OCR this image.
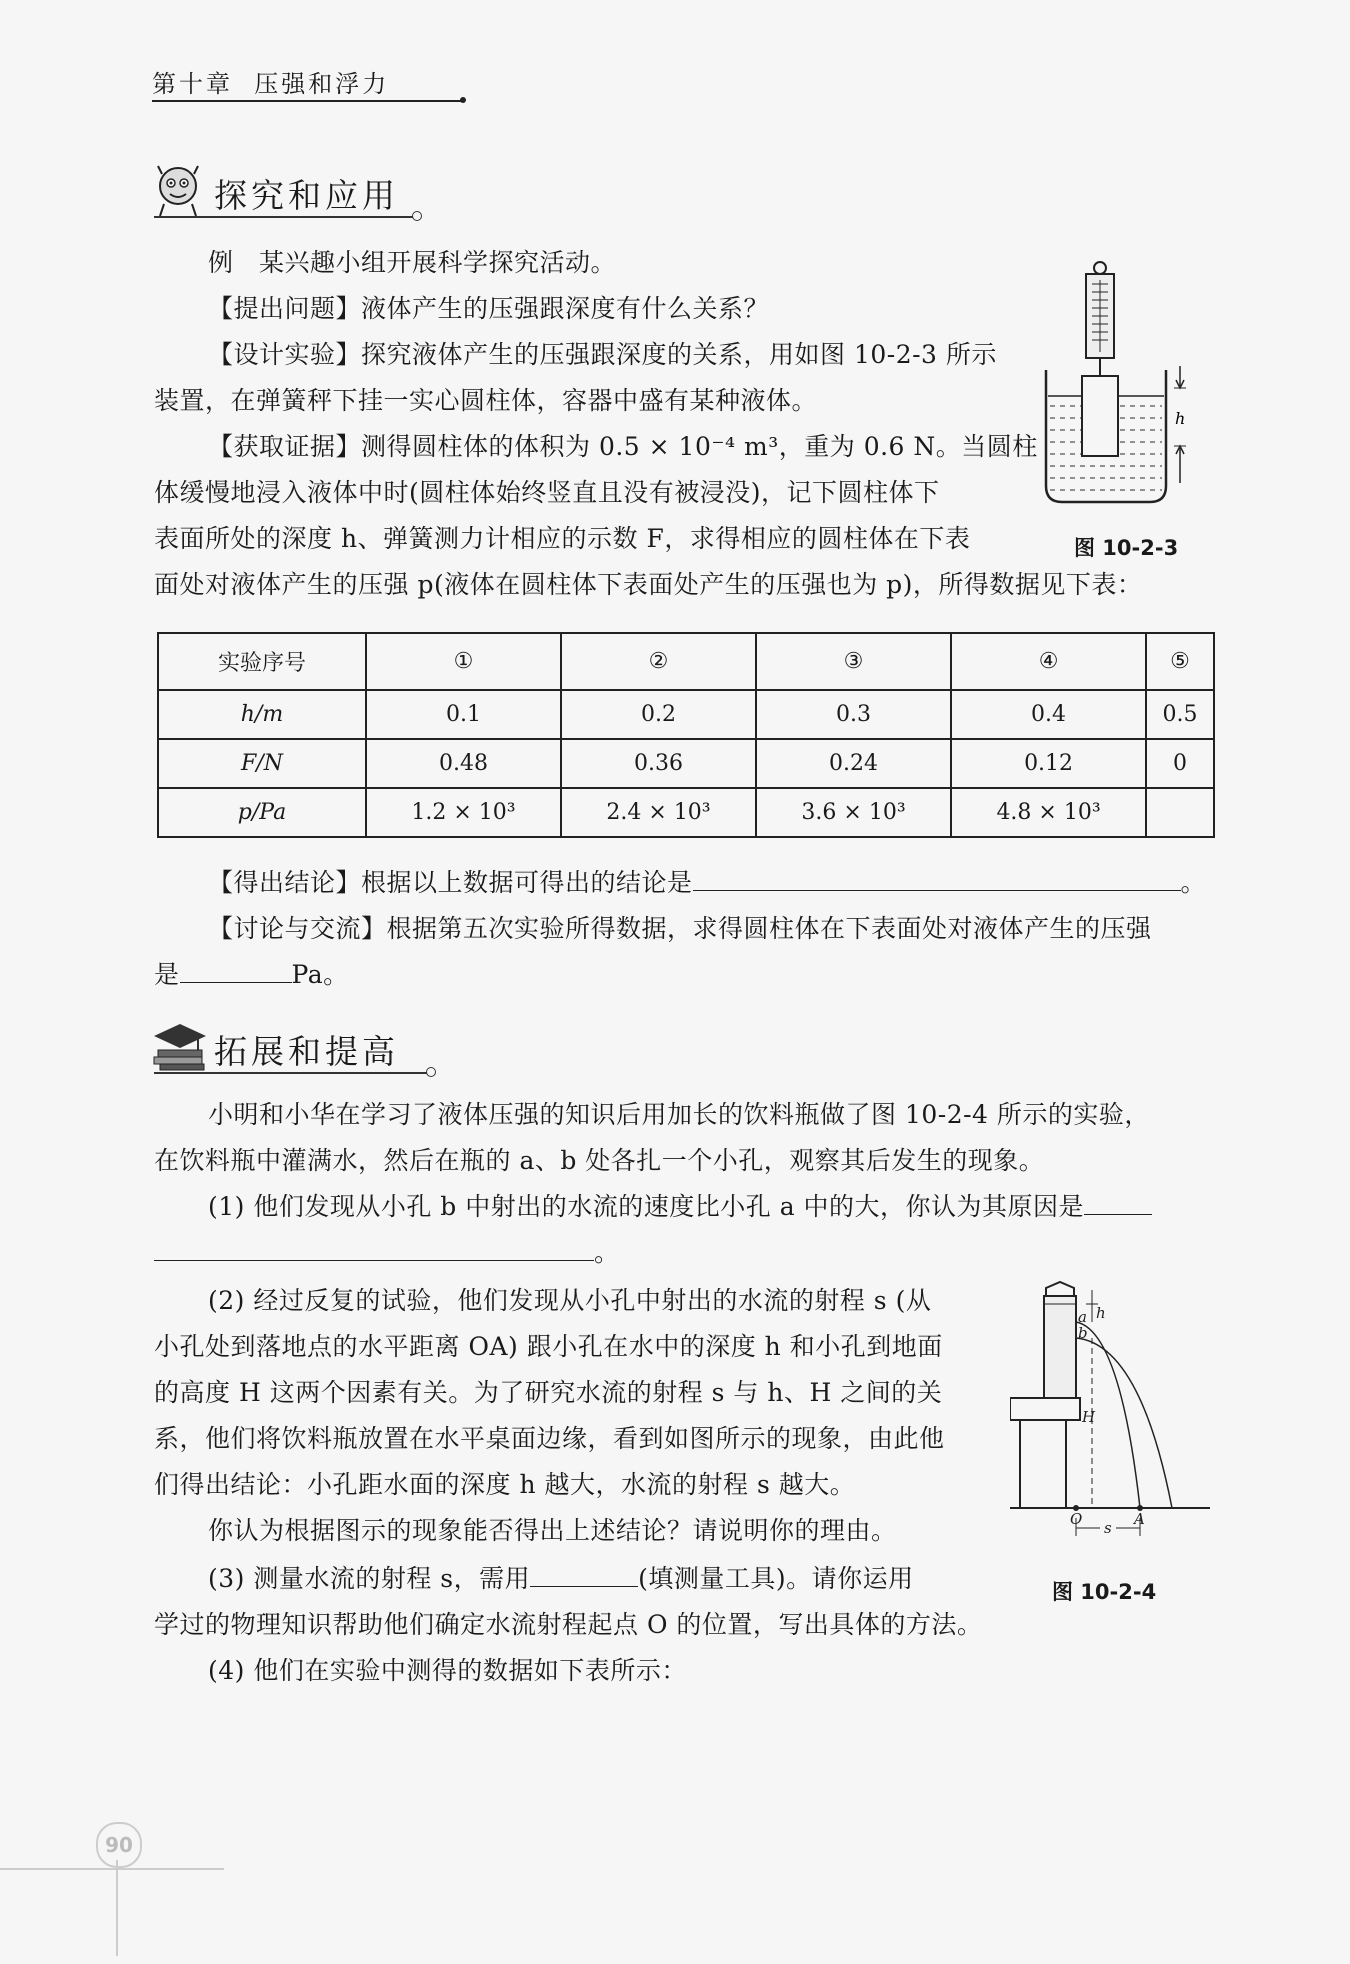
第十章 压强和浮力
探究和应用
例　某兴趣小组开展科学探究活动。
【提出问题】液体产生的压强跟深度有什么关系？
【设计实验】探究液体产生的压强跟深度的关系，用如图 10-2-3 所示
装置，在弹簧秤下挂一实心圆柱体，容器中盛有某种液体。
【获取证据】测得圆柱体的体积为 0.5 × 10⁻⁴ m³，重为 0.6 N。当圆柱
体缓慢地浸入液体中时(圆柱体始终竖直且没有被浸没)，记下圆柱体下
表面所处的深度 h、弹簧测力计相应的示数 F，求得相应的圆柱体在下表
面处对液体产生的压强 p(液体在圆柱体下表面处产生的压强也为 p)，所得数据见下表：
h
图 10-2-3
实验序号	①	②	③	④	⑤
h/m	0.1	0.2	0.3	0.4	0.5
F/N	0.48	0.36	0.24	0.12	0
p/Pa	1.2 × 10³	2.4 × 10³	3.6 × 10³	4.8 × 10³	
【得出结论】根据以上数据可得出的结论是	。
【讨论与交流】根据第五次实验所得数据，求得圆柱体在下表面处对液体产生的压强
是	Pa。
拓展和提高
小明和小华在学习了液体压强的知识后用加长的饮料瓶做了图 10-2-4 所示的实验，
在饮料瓶中灌满水，然后在瓶的 a、b 处各扎一个小孔，观察其后发生的现象。
(1) 他们发现从小孔 b 中射出的水流的速度比小孔 a 中的大，你认为其原因是
。
(2) 经过反复的试验，他们发现从小孔中射出的水流的射程 s (从
小孔处到落地点的水平距离 OA) 跟小孔在水中的深度 h 和小孔到地面
的高度 H 这两个因素有关。为了研究水流的射程 s 与 h、H 之间的关
系，他们将饮料瓶放置在水平桌面边缘，看到如图所示的现象，由此他
们得出结论：小孔距水面的深度 h 越大，水流的射程 s 越大。
你认为根据图示的现象能否得出上述结论？请说明你的理由。
(3) 测量水流的射程 s，需用	(填测量工具)。请你运用
学过的物理知识帮助他们确定水流射程起点 O 的位置，写出具体的方法。
(4) 他们在实验中测得的数据如下表所示：
a
b
h
H
O	A
s
图 10-2-4
90
